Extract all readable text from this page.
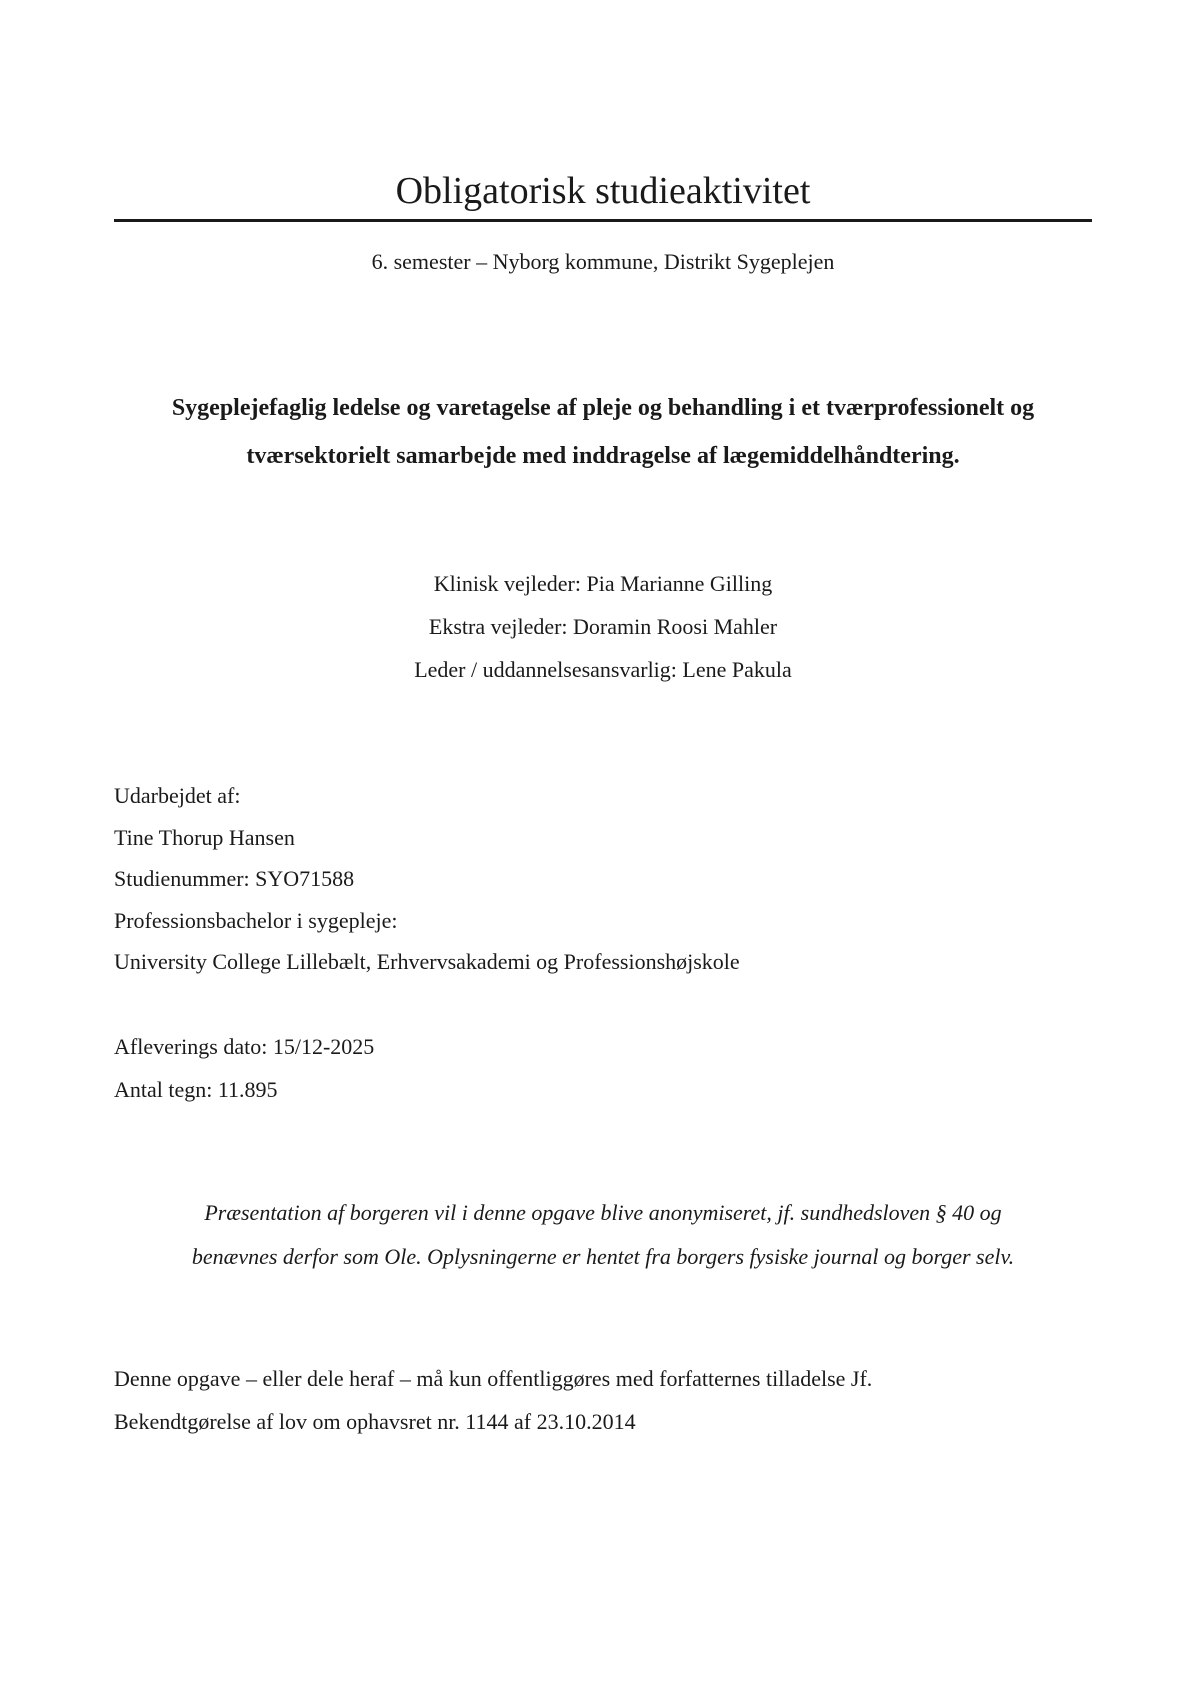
Obligatorisk studieaktivitet
6. semester – Nyborg kommune, Distrikt Sygeplejen
Sygeplejefaglig ledelse og varetagelse af pleje og behandling i et tværprofessionelt og
tværsektorielt samarbejde med inddragelse af lægemiddelhåndtering.
Klinisk vejleder: Pia Marianne Gilling
Ekstra vejleder: Doramin Roosi Mahler
Leder / uddannelsesansvarlig: Lene Pakula
Udarbejdet af:
Tine Thorup Hansen
Studienummer: SYO71588
Professionsbachelor i sygepleje:
University College Lillebælt, Erhvervsakademi og Professionshøjskole
Afleverings dato: 15/12-2025
Antal tegn: 11.895
Præsentation af borgeren vil i denne opgave blive anonymiseret, jf. sundhedsloven § 40 og
benævnes derfor som Ole. Oplysningerne er hentet fra borgers fysiske journal og borger selv.
Denne opgave – eller dele heraf – må kun offentliggøres med forfatternes tilladelse Jf.
Bekendtgørelse af lov om ophavsret nr. 1144 af 23.10.2014
